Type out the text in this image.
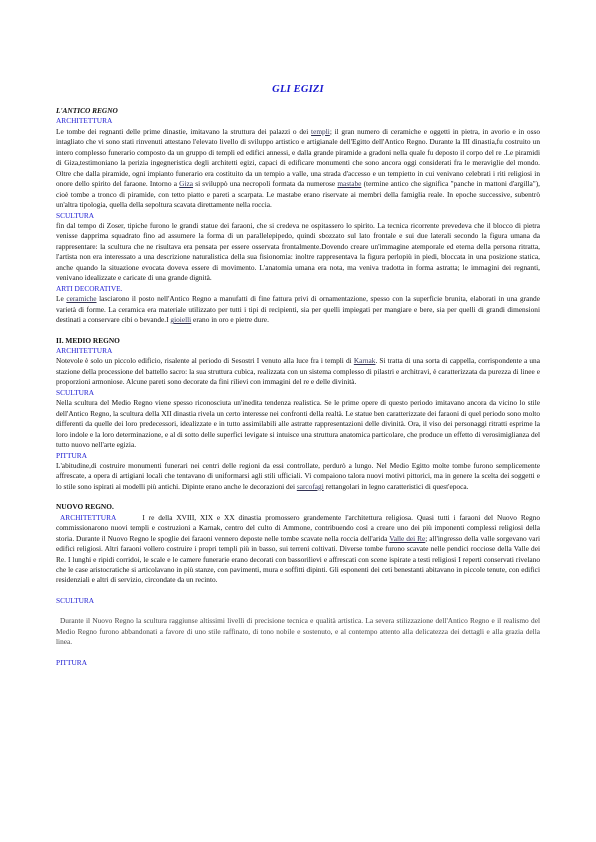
GLI EGIZI

L'ANTICO REGNO

ARCHITETTURA

Le tombe dei regnanti delle prime dinastie, imitavano la struttura dei palazzi o dei templi; il gran numero di ceramiche e oggetti in pietra, in avorio e in osso intagliato che vi sono stati rinvenuti attestano l'elevato livello di sviluppo artistico e artigianale dell'Egitto dell'Antico Regno. Durante la III dinastia,fu costruito un intero complesso funerario composto da un gruppo di templi ed edifici annessi, e dalla grande piramide a gradoni nella quale fu deposto il corpo del re .Le piramidi di Giza,testimoniano la perizia ingegneristica degli architetti egizi, capaci di edificare monumenti che sono ancora oggi considerati fra le meraviglie del mondo. Oltre che dalla piramide, ogni impianto funerario era costituito da un tempio a valle, una strada d'accesso e un tempietto in cui venivano celebrati i riti religiosi in onore dello spirito del faraone. Intorno a Giza si sviluppò una necropoli formata da numerose mastabe (termine antico che significa "panche in mattoni d'argilla"), cioè tombe a tronco di piramide, con tetto piatto e pareti a scarpata. Le mastabe erano riservate ai membri della famiglia reale. In epoche successive, subentrò un'altra tipologia, quella della sepoltura scavata direttamente nella roccia.

SCULTURA

fin dal tempo di Zoser, tipiche furono le grandi statue dei faraoni, che si credeva ne ospitassero lo spirito. La tecnica ricorrente prevedeva che il blocco di pietra venisse dapprima squadrato fino ad assumere la forma di un parallelepipedo, quindi sbozzato sul lato frontale e sui due laterali secondo la figura umana da rappresentare: la scultura che ne risultava era pensata per essere osservata frontalmente.Dovendo creare un'immagine atemporale ed eterna della persona ritratta, l'artista non era interessato a una descrizione naturalistica della sua fisionomia: inoltre rappresentava la figura perlopiù in piedi, bloccata in una posizione statica, anche quando la situazione evocata doveva essere di movimento. L'anatomia umana era nota, ma veniva tradotta in forma astratta; le immagini dei regnanti, venivano idealizzate e caricate di una grande dignità.

ARTI DECORATIVE.

Le ceramiche lasciarono il posto nell'Antico Regno a manufatti di fine fattura privi di ornamentazione, spesso con la superficie brunita, elaborati in una grande varietà di forme. La ceramica era materiale utilizzato per tutti i tipi di recipienti, sia per quelli impiegati per mangiare e bere, sia per quelli di grandi dimensioni destinati a conservare cibi o bevande.I gioielli erano in oro e pietre dure.

II. MEDIO REGNO

ARCHITETTURA

Notevole è solo un piccolo edificio, risalente al periodo di Sesostri I venuto alla luce fra i templi di Karnak. Si tratta di una sorta di cappella, corrispondente a una stazione della processione del battello sacro: la sua struttura cubica, realizzata con un sistema complesso di pilastri e architravi, è caratterizzata da purezza di linee e proporzioni armoniose. Alcune pareti sono decorate da fini rilievi con immagini del re e delle divinità.

SCULTURA

Nella scultura del Medio Regno viene spesso riconosciuta un'inedita tendenza realistica. Se le prime opere di questo periodo imitavano ancora da vicino lo stile dell'Antico Regno, la scultura della XII dinastia rivela un certo interesse nei confronti della realtà. Le statue ben caratterizzate dei faraoni di quel periodo sono molto differenti da quelle dei loro predecessori, idealizzate e in tutto assimilabili alle astratte rappresentazioni delle divinità. Ora, il viso dei personaggi ritratti esprime la loro indole e la loro determinazione, e al di sotto delle superfici levigate si intuisce una struttura anatomica particolare, che produce un effetto di verosimiglianza del tutto nuovo nell'arte egizia.

PITTURA

L'abitudine,di costruire monumenti funerari nei centri delle regioni da essi controllate, perdurò a lungo. Nel Medio Egitto molte tombe furono semplicemente affrescate, a opera di artigiani locali che tentavano di uniformarsi agli stili ufficiali. Vi compaiono talora nuovi motivi pittorici, ma in genere la scelta dei soggetti e lo stile sono ispirati ai modelli più antichi. Dipinte erano anche le decorazioni dei sarcofagi rettangolari in legno caratteristici di quest'epoca.

NUOVO REGNO.

ARCHITETTURA	I re della XVIII, XIX e XX dinastia promossero grandemente l'architettura religiosa. Quasi tutti i faraoni del Nuovo Regno commissionarono nuovi templi e costruzioni a Karnak, centro del culto di Ammone, contribuendo così a creare uno dei più imponenti complessi religiosi della storia. Durante il Nuovo Regno le spoglie dei faraoni vennero deposte nelle tombe scavate nella roccia dell'arida Valle dei Re; all'ingresso della valle sorgevano vari edifici religiosi. Altri faraoni vollero costruire i propri templi più in basso, sui terreni coltivati. Diverse tombe furono scavate nelle pendici rocciose della Valle dei Re. I lunghi e ripidi corridoi, le scale e le camere funerarie erano decorati con bassorilievi e affrescati con scene ispirate a testi religiosi I reperti conservati rivelano che le case aristocratiche si articolavano in più stanze, con pavimenti, mura e soffitti dipinti. Gli esponenti dei ceti benestanti abitavano in piccole tenute, con edifici residenziali e altri di servizio, circondate da un recinto.

SCULTURA

Durante il Nuovo Regno la scultura raggiunse altissimi livelli di precisione tecnica e qualità artistica. La severa stilizzazione dell'Antico Regno e il realismo del Medio Regno furono abbandonati a favore di uno stile raffinato, di tono nobile e sostenuto, e al contempo attento alla delicatezza dei dettagli e alla grazia della linea.

PITTURA
